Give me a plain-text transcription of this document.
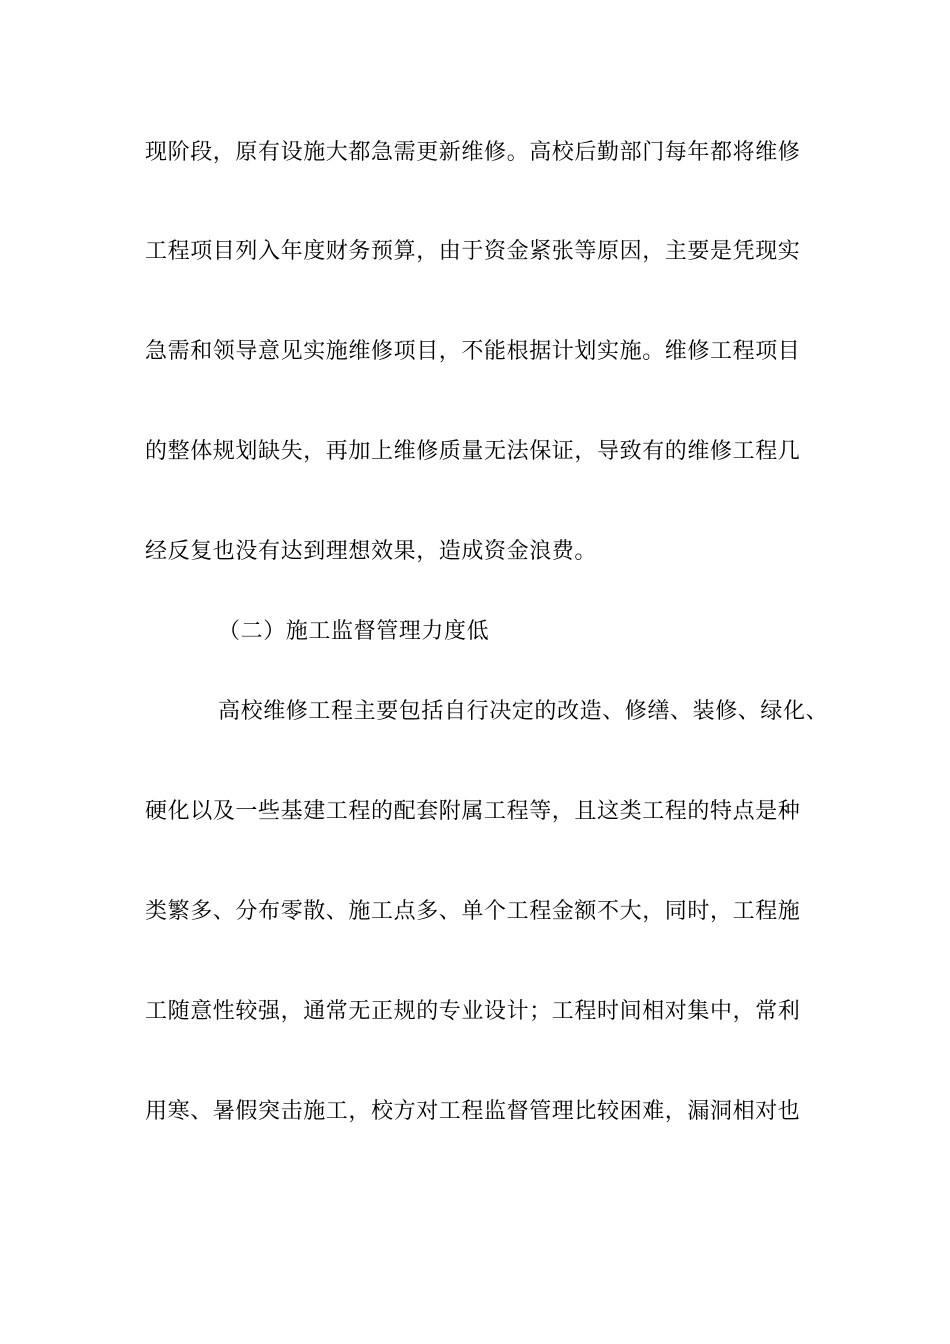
现阶段，原有设施大都急需更新维修。高校后勤部门每年都将维修
工程项目列入年度财务预算，由于资金紧张等原因，主要是凭现实
急需和领导意见实施维修项目，不能根据计划实施。维修工程项目
的整体规划缺失，再加上维修质量无法保证，导致有的维修工程几
经反复也没有达到理想效果，造成资金浪费。
（二）施工监督管理力度低
高校维修工程主要包括自行决定的改造、修缮、装修、绿化、
硬化以及一些基建工程的配套附属工程等，且这类工程的特点是种
类繁多、分布零散、施工点多、单个工程金额不大，同时，工程施
工随意性较强，通常无正规的专业设计；工程时间相对集中，常利
用寒、暑假突击施工，校方对工程监督管理比较困难，漏洞相对也
